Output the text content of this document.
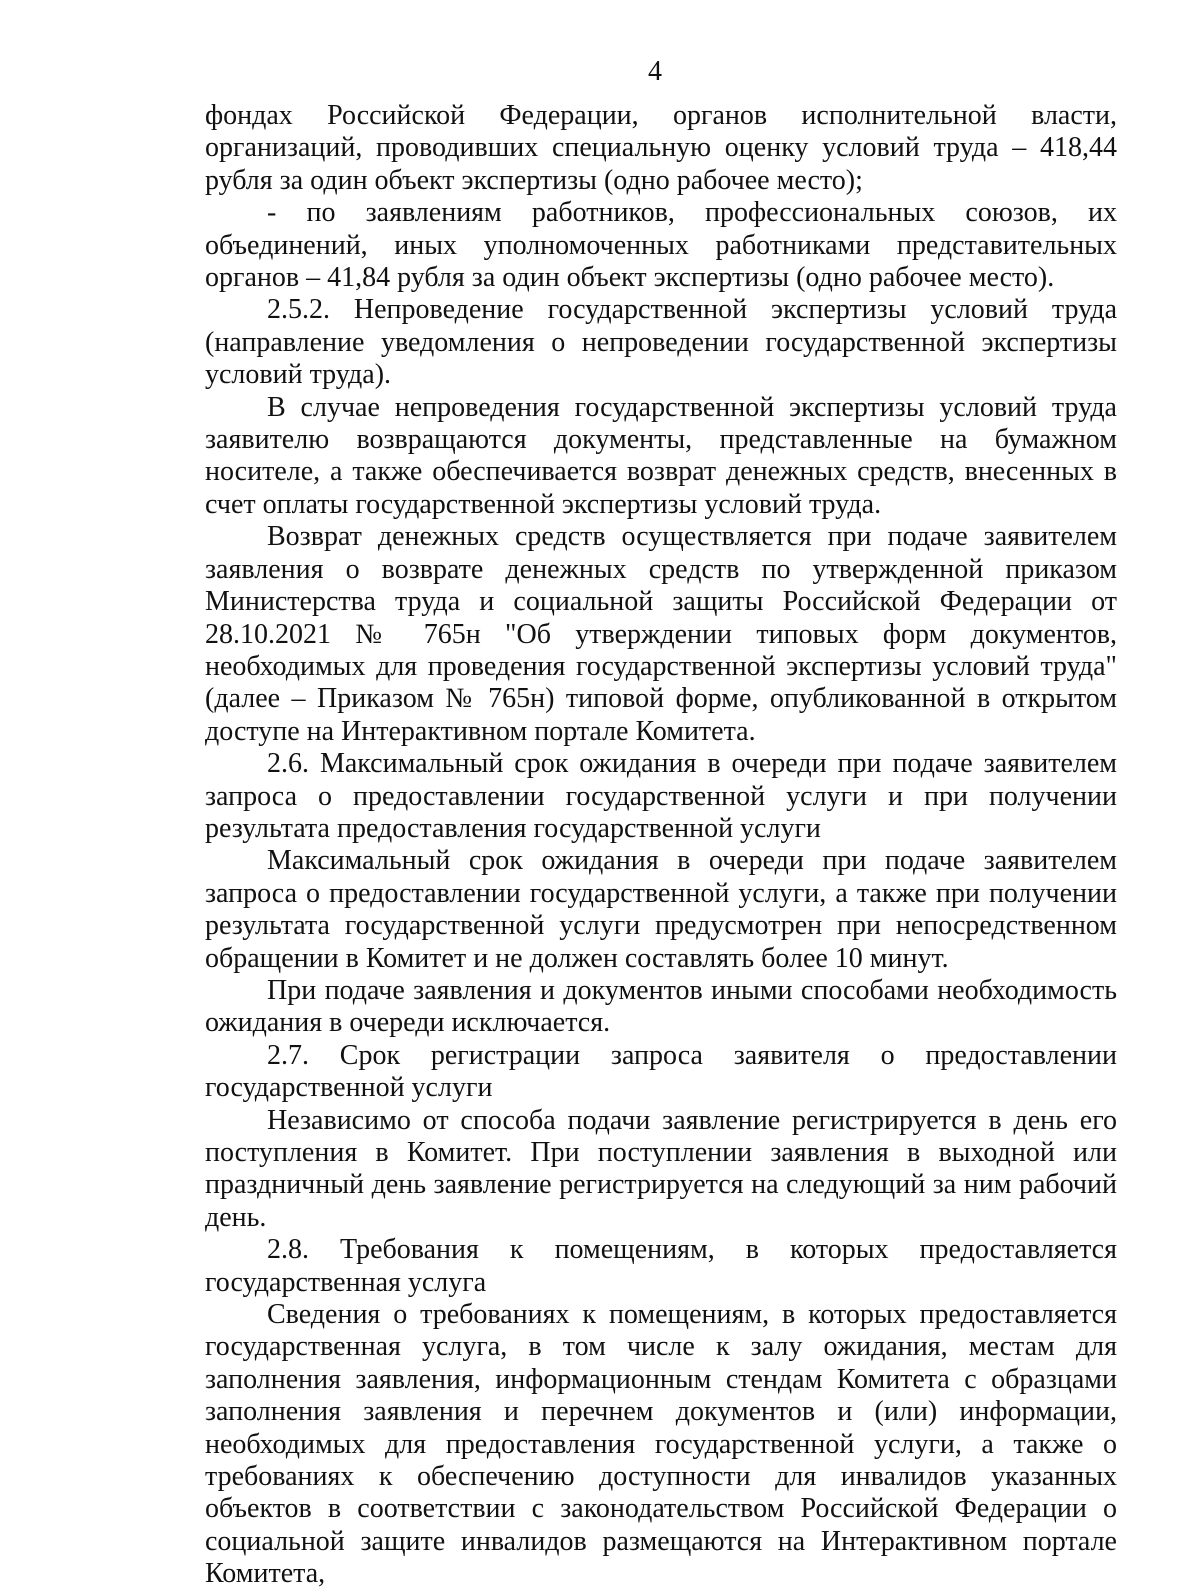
4

фондах Российской Федерации, органов исполнительной власти, организаций, проводивших специальную оценку условий труда – 418,44 рубля за один объект экспертизы (одно рабочее место);

- по заявлениям работников, профессиональных союзов, их объединений, иных уполномоченных работниками представительных органов – 41,84 рубля за один объект экспертизы (одно рабочее место).

2.5.2. Непроведение государственной экспертизы условий труда (направление уведомления о непроведении государственной экспертизы условий труда).

В случае непроведения государственной экспертизы условий труда заявителю возвращаются документы, представленные на бумажном носителе, а также обеспечивается возврат денежных средств, внесенных в счет оплаты государственной экспертизы условий труда.

Возврат денежных средств осуществляется при подаче заявителем заявления о возврате денежных средств по утвержденной приказом Министерства труда и социальной защиты Российской Федерации от 28.10.2021 № 765н "Об утверждении типовых форм документов, необходимых для проведения государственной экспертизы условий труда" (далее – Приказом № 765н) типовой форме, опубликованной в открытом доступе на Интерактивном портале Комитета.

2.6. Максимальный срок ожидания в очереди при подаче заявителем запроса о предоставлении государственной услуги и при получении результата предоставления государственной услуги

Максимальный срок ожидания в очереди при подаче заявителем запроса о предоставлении государственной услуги, а также при получении результата государственной услуги предусмотрен при непосредственном обращении в Комитет и не должен составлять более 10 минут.

При подаче заявления и документов иными способами необходимость ожидания в очереди исключается.

2.7. Срок регистрации запроса заявителя о предоставлении государственной услуги

Независимо от способа подачи заявление регистрируется в день его поступления в Комитет. При поступлении заявления в выходной или праздничный день заявление регистрируется на следующий за ним рабочий день.

2.8. Требования к помещениям, в которых предоставляется государственная услуга

Сведения о требованиях к помещениям, в которых предоставляется государственная услуга, в том числе к залу ожидания, местам для заполнения заявления, информационным стендам Комитета с образцами заполнения заявления и перечнем документов и (или) информации, необходимых для предоставления государственной услуги, а также о требованиях к обеспечению доступности для инвалидов указанных объектов в соответствии с законодательством Российской Федерации о социальной защите инвалидов размещаются на Интерактивном портале Комитета,
